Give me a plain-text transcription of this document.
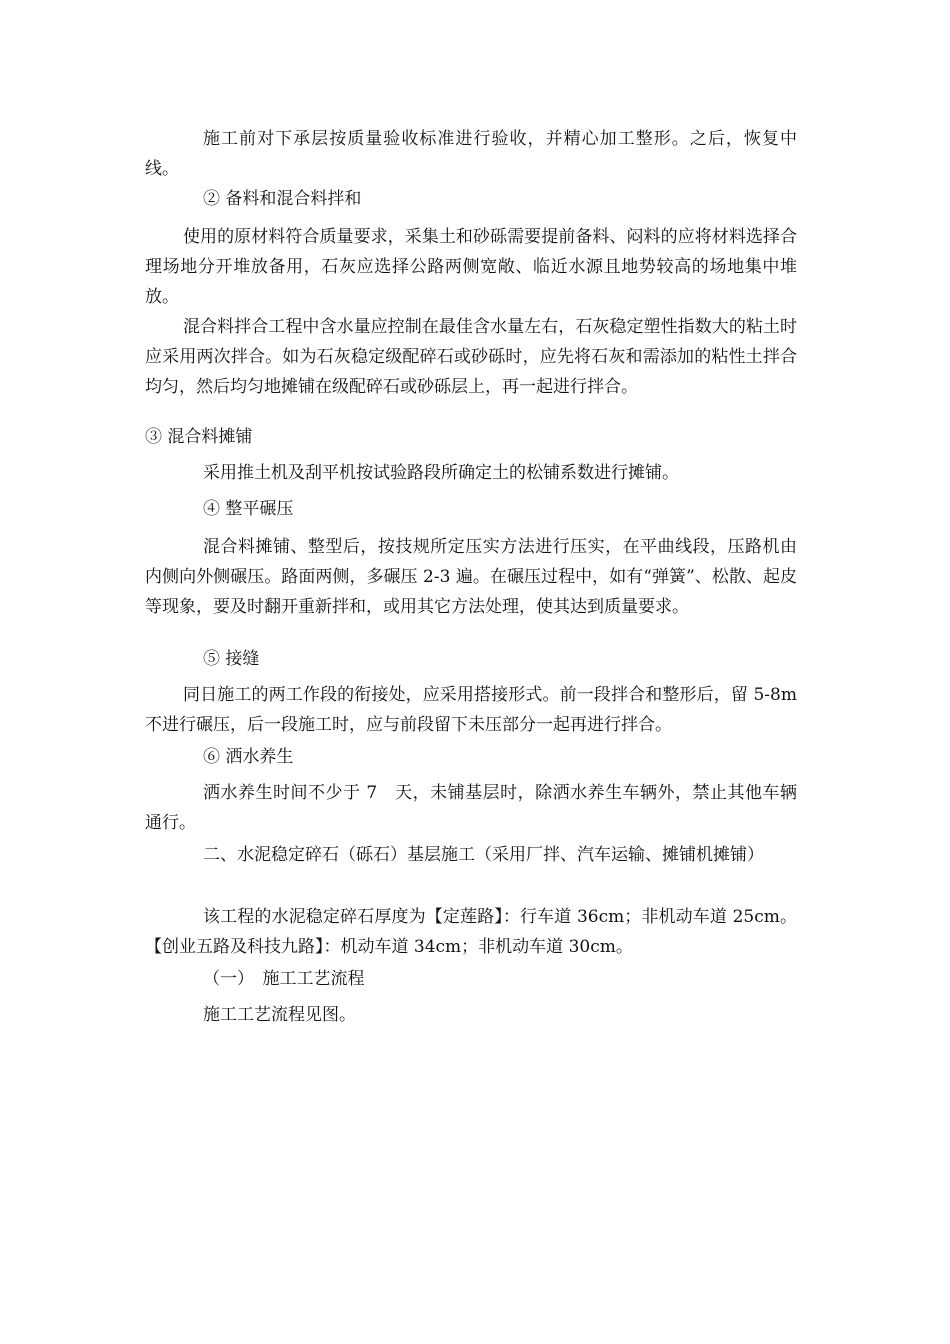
施工前对下承层按质量验收标准进行验收，并精心加工整形。之后，恢复中线。

② 备料和混合料拌和

使用的原材料符合质量要求，采集土和砂砾需要提前备料、闷料的应将材料选择合理场地分开堆放备用，石灰应选择公路两侧宽敞、临近水源且地势较高的场地集中堆放。

混合料拌合工程中含水量应控制在最佳含水量左右，石灰稳定塑性指数大的粘土时应采用两次拌合。如为石灰稳定级配碎石或砂砾时，应先将石灰和需添加的粘性土拌合均匀，然后均匀地摊铺在级配碎石或砂砾层上，再一起进行拌合。

③ 混合料摊铺

采用推土机及刮平机按试验路段所确定土的松铺系数进行摊铺。

④ 整平碾压

混合料摊铺、整型后，按技规所定压实方法进行压实，在平曲线段，压路机由内侧向外侧碾压。路面两侧，多碾压 2-3 遍。在碾压过程中，如有“弹簧”、松散、起皮等现象，要及时翻开重新拌和，或用其它方法处理，使其达到质量要求。

⑤ 接缝

同日施工的两工作段的衔接处，应采用搭接形式。前一段拌合和整形后，留 5-8m 不进行碾压，后一段施工时，应与前段留下未压部分一起再进行拌合。

⑥ 洒水养生

洒水养生时间不少于 7　天，未铺基层时，除洒水养生车辆外，禁止其他车辆通行。

二、水泥稳定碎石（砾石）基层施工（采用厂拌、汽车运输、摊铺机摊铺）

该工程的水泥稳定碎石厚度为【定莲路】：行车道 36cm；非机动车道 25cm。【创业五路及科技九路】：机动车道 34cm；非机动车道 30cm。

（一）　施工工艺流程

施工工艺流程见图。
